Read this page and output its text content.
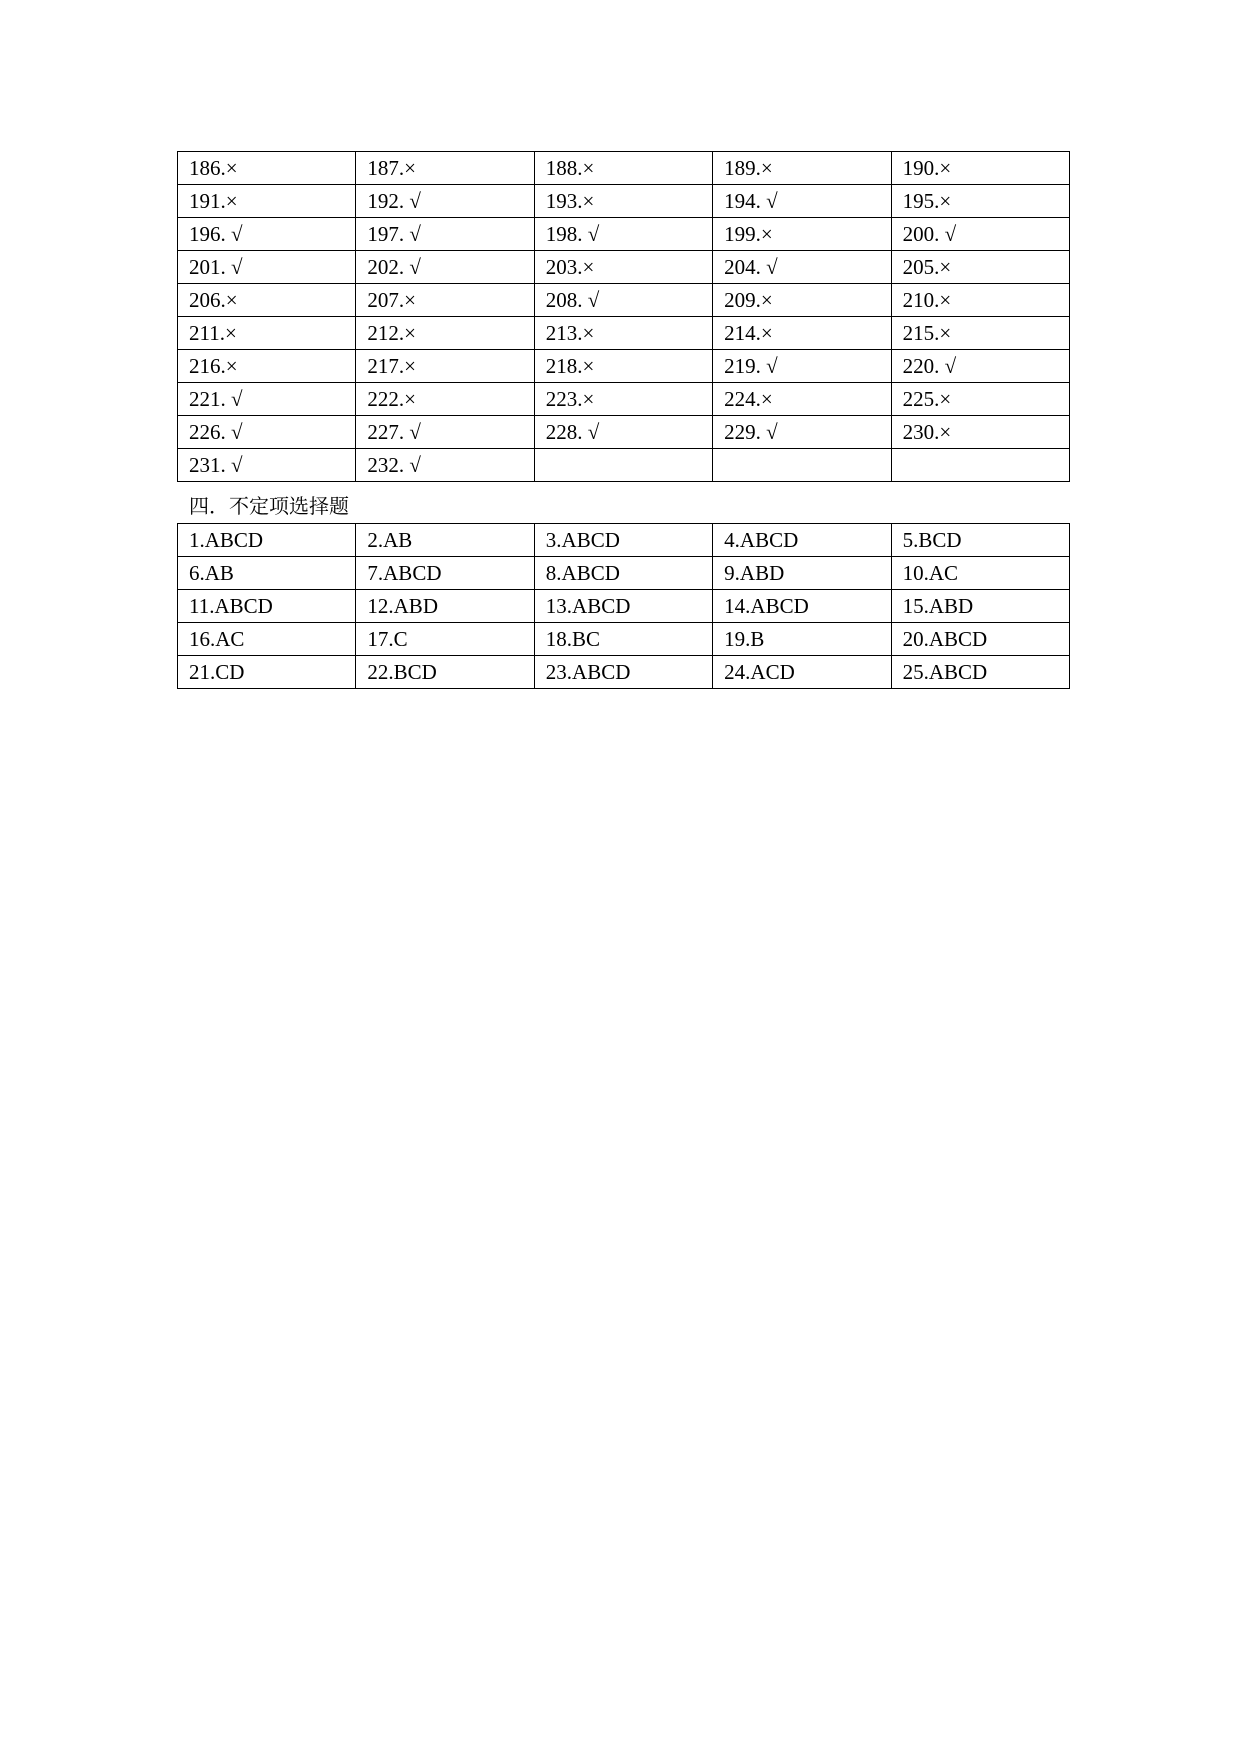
186.×	187.×	188.×	189.×	190.×
191.×	192. √	193.×	194. √	195.×
196. √	197. √	198. √	199.×	200. √
201. √	202. √	203.×	204. √	205.×
206.×	207.×	208. √	209.×	210.×
211.×	212.×	213.×	214.×	215.×
216.×	217.×	218.×	219. √	220. √
221. √	222.×	223.×	224.×	225.×
226. √	227. √	228. √	229. √	230.×
231. √	232. √			
四．不定项选择题
1.ABCD	2.AB	3.ABCD	4.ABCD	5.BCD
6.AB	7.ABCD	8.ABCD	9.ABD	10.AC
11.ABCD	12.ABD	13.ABCD	14.ABCD	15.ABD
16.AC	17.C	18.BC	19.B	20.ABCD
21.CD	22.BCD	23.ABCD	24.ACD	25.ABCD
